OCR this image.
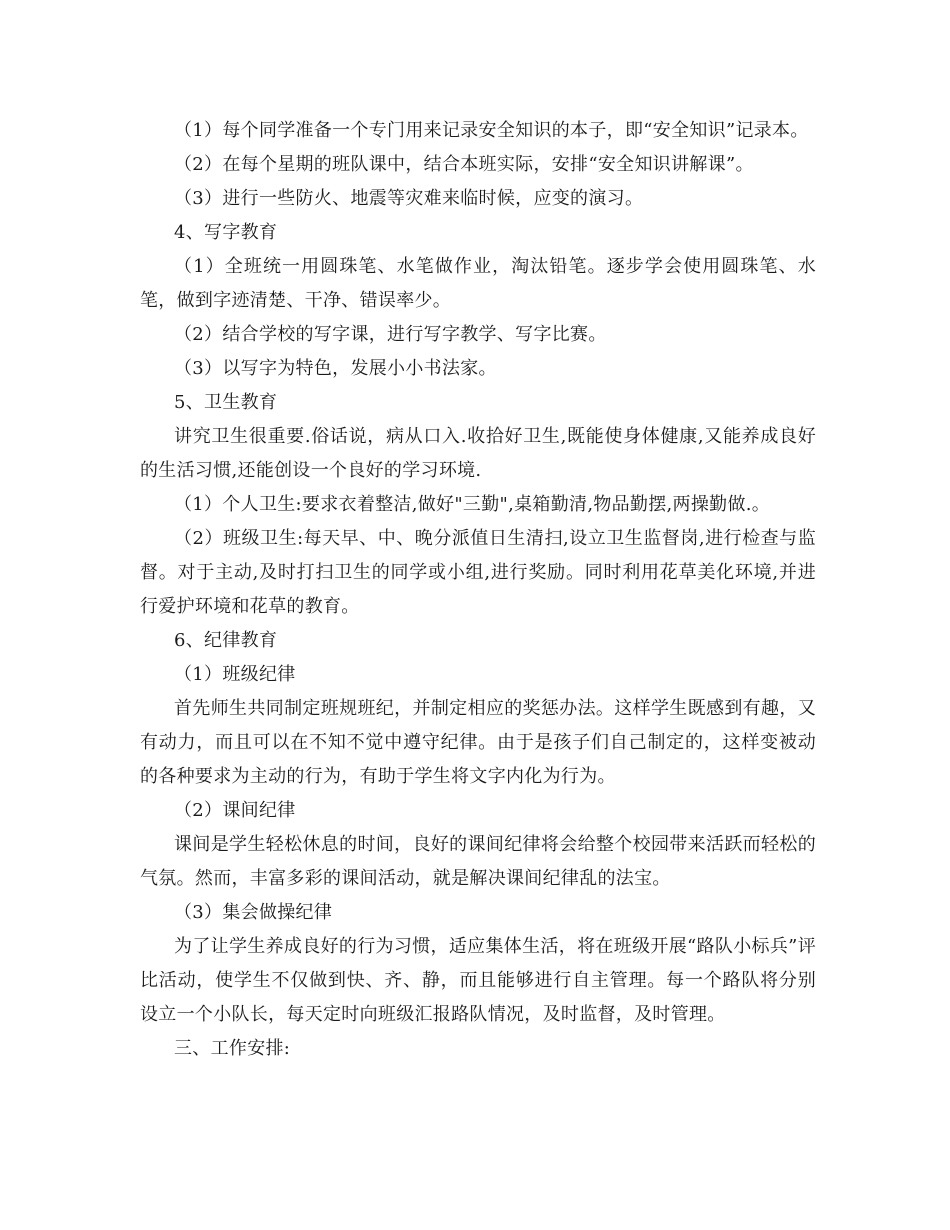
（1）每个同学准备一个专门用来记录安全知识的本子，即“安全知识”记录本。

（2）在每个星期的班队课中，结合本班实际，安排“安全知识讲解课”。

（3）进行一些防火、地震等灾难来临时候，应变的演习。

4、写字教育

（1）全班统一用圆珠笔、水笔做作业，淘汰铅笔。逐步学会使用圆珠笔、水笔，做到字迹清楚、干净、错误率少。

（2）结合学校的写字课，进行写字教学、写字比赛。

（3）以写字为特色，发展小小书法家。

5、卫生教育

讲究卫生很重要.俗话说，病从口入.收拾好卫生,既能使身体健康,又能养成良好的生活习惯,还能创设一个良好的学习环境.

（1）个人卫生:要求衣着整洁,做好"三勤",桌箱勤清,物品勤摆,两操勤做.。

（2）班级卫生:每天早、中、晚分派值日生清扫,设立卫生监督岗,进行检查与监督。对于主动,及时打扫卫生的同学或小组,进行奖励。同时利用花草美化环境,并进行爱护环境和花草的教育。

6、纪律教育

（1）班级纪律

首先师生共同制定班规班纪，并制定相应的奖惩办法。这样学生既感到有趣，又有动力，而且可以在不知不觉中遵守纪律。由于是孩子们自己制定的，这样变被动的各种要求为主动的行为，有助于学生将文字内化为行为。

（2）课间纪律

课间是学生轻松休息的时间，良好的课间纪律将会给整个校园带来活跃而轻松的气氛。然而，丰富多彩的课间活动，就是解决课间纪律乱的法宝。

（3）集会做操纪律

为了让学生养成良好的行为习惯，适应集体生活，将在班级开展“路队小标兵”评比活动，使学生不仅做到快、齐、静，而且能够进行自主管理。每一个路队将分别设立一个小队长，每天定时向班级汇报路队情况，及时监督，及时管理。

三、工作安排:
